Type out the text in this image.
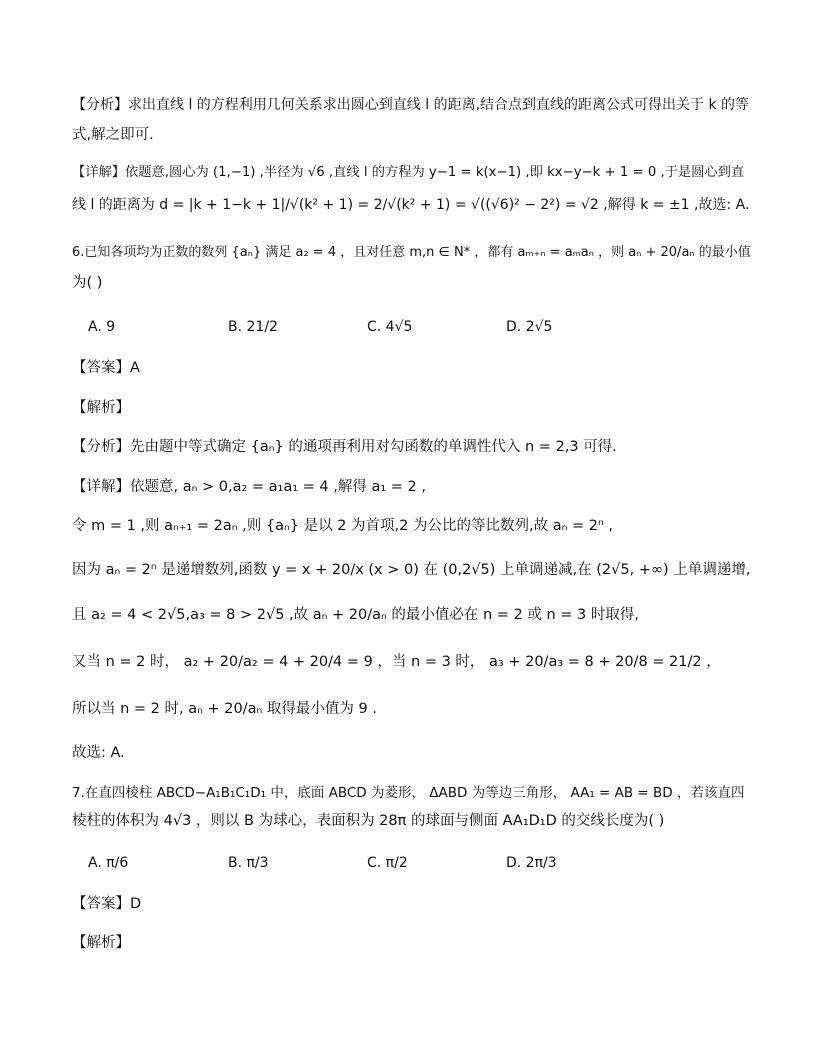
【分析】求出直线 l 的方程利用几何关系求出圆心到直线 l 的距离,结合点到直线的距离公式可得出关于 k 的等
式,解之即可.
【详解】依题意,圆心为 (1,−1) ,半径为 √6 ,直线 l 的方程为 y−1 = k(x−1) ,即 kx−y−k + 1 = 0 ,于是圆心到直
线 l 的距离为 d = |k + 1−k + 1|/√(k² + 1) = 2/√(k² + 1) = √((√6)² − 2²) = √2 ,解得 k = ±1 ,故选: A.
6.已知各项均为正数的数列 {aₙ} 满足 a₂ = 4 ，且对任意 m,n ∈ N* ，都有 aₘ₊ₙ = aₘaₙ ，则 aₙ + 20/aₙ 的最小值
为( )
A. 9	B. 21/2	C. 4√5	D. 2√5
【答案】A
【解析】
【分析】先由题中等式确定 {aₙ} 的通项再利用对勾函数的单调性代入 n = 2,3 可得.
【详解】依题意, aₙ > 0,a₂ = a₁a₁ = 4 ,解得 a₁ = 2 ,
令 m = 1 ,则 aₙ₊₁ = 2aₙ ,则 {aₙ} 是以 2 为首项,2 为公比的等比数列,故 aₙ = 2ⁿ ,
因为 aₙ = 2ⁿ 是递增数列,函数 y = x + 20/x (x > 0) 在 (0,2√5) 上单调递减,在 (2√5, +∞) 上单调递增,
且 a₂ = 4 < 2√5,a₃ = 8 > 2√5 ,故 aₙ + 20/aₙ 的最小值必在 n = 2 或 n = 3 时取得,
又当 n = 2 时， a₂ + 20/a₂ = 4 + 20/4 = 9 ，当 n = 3 时， a₃ + 20/a₃ = 8 + 20/8 = 21/2 ，
所以当 n = 2 时, aₙ + 20/aₙ 取得最小值为 9 .
故选: A.
7.在直四棱柱 ABCD−A₁B₁C₁D₁ 中，底面 ABCD 为菱形， ΔABD 为等边三角形， AA₁ = AB = BD ，若该直四
棱柱的体积为 4√3 ，则以 B 为球心，表面积为 28π 的球面与侧面 AA₁D₁D 的交线长度为( )
A. π/6	B. π/3	C. π/2	D. 2π/3
【答案】D
【解析】
